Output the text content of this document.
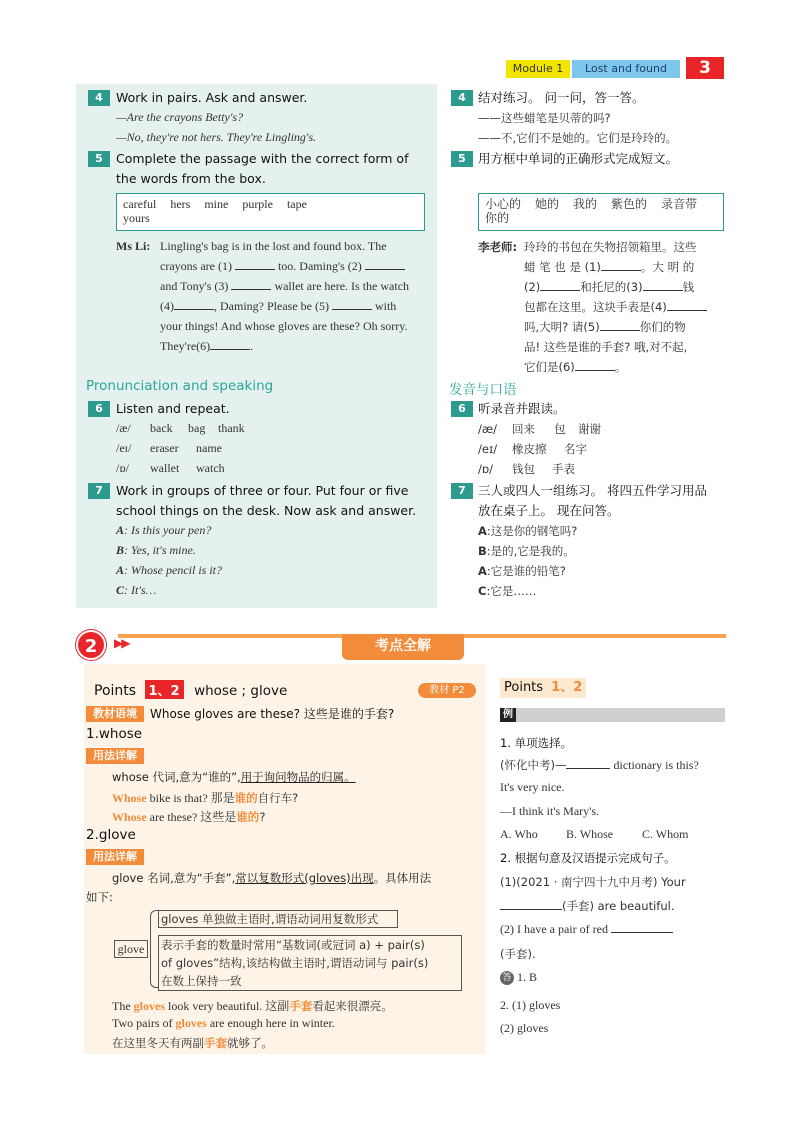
Module 1	Lost and found	3
4	Work in pairs. Ask and answer.
—Are the crayons Betty's?
—No, they're not hers. They're Lingling's.
5	Complete the passage with the correct form of
the words from the box.
careful hers mine purple tape
yours
Ms Li: Lingling's bag is in the lost and found box. The
crayons are (1)	too. Daming's (2)
and Tony's (3)	wallet are here. Is the watch
(4)	, Daming? Please be (5)	with
your things! And whose gloves are these? Oh sorry.
They're(6)	.
Pronunciation and speaking
6	Listen and repeat.
/æ/ back bag thank
/eɪ/ eraser name
/ɒ/ wallet watch
7	Work in groups of three or four. Put four or five
school things on the desk. Now ask and answer.
A: Is this your pen?
B: Yes, it's mine.
A: Whose pencil is it?
C: It's…
4 结对练习。 问一问，答一答。
——这些蜡笔是贝蒂的吗?
——不,它们不是她的。它们是玲玲的。
5 用方框中单词的正确形式完成短文。
小心的 她的 我的 紫色的 录音带
你的
李老师: 玲玲的书包在失物招领箱里。这些
蜡 笔 也 是 (1)	。大 明 的
(2)	和托尼的(3)	钱
包都在这里。这块手表是(4)
吗,大明? 请(5)	你们的物
品! 这些是谁的手套? 哦,对不起,
它们是(6)	。
发音与口语
6 听录音并跟读。
/æ/ 回来 包 谢谢
/eɪ/ 橡皮擦 名字
/ɒ/ 钱包 手表
7 三人或四人一组练习。 将四五件学习用品
放在桌子上。 现在问答。
A:这是你的钢笔吗?
B:是的,它是我的。
A:它是谁的铅笔?
C:它是……
2	▶▶	考点全解
Points 1、2 whose ; glove	教材 P2
教材语境	Whose gloves are these? 这些是谁的手套?
1.whose
用法详解
whose 代词,意为“谁的”,用于询问物品的归属。
Whose bike is that? 那是谁的自行车?
Whose are these? 这些是谁的?
2.glove
用法详解
glove 名词,意为“手套”,常以复数形式(gloves)出现。具体用法
如下:
glove
gloves 单独做主语时,谓语动词用复数形式
表示手套的数量时常用“基数词(或冠词 a) + pair(s)
of gloves”结构,该结构做主语时,谓语动词与 pair(s)
在数上保持一致
The gloves look very beautiful. 这副手套看起来很漂亮。
Two pairs of gloves are enough here in winter.
在这里冬天有两副手套就够了。
Points 1、2
例
1. 单项选择。
(怀化中考)—	dictionary is this?
It's very nice.
—I think it's Mary's.
A. Who B. Whose C. Whom
2. 根据句意及汉语提示完成句子。
(1)(2021 · 南宁四十九中月考) Your
(手套) are beautiful.
(2) I have a pair of red
(手套).
答 1. B
2. (1) gloves
(2) gloves
